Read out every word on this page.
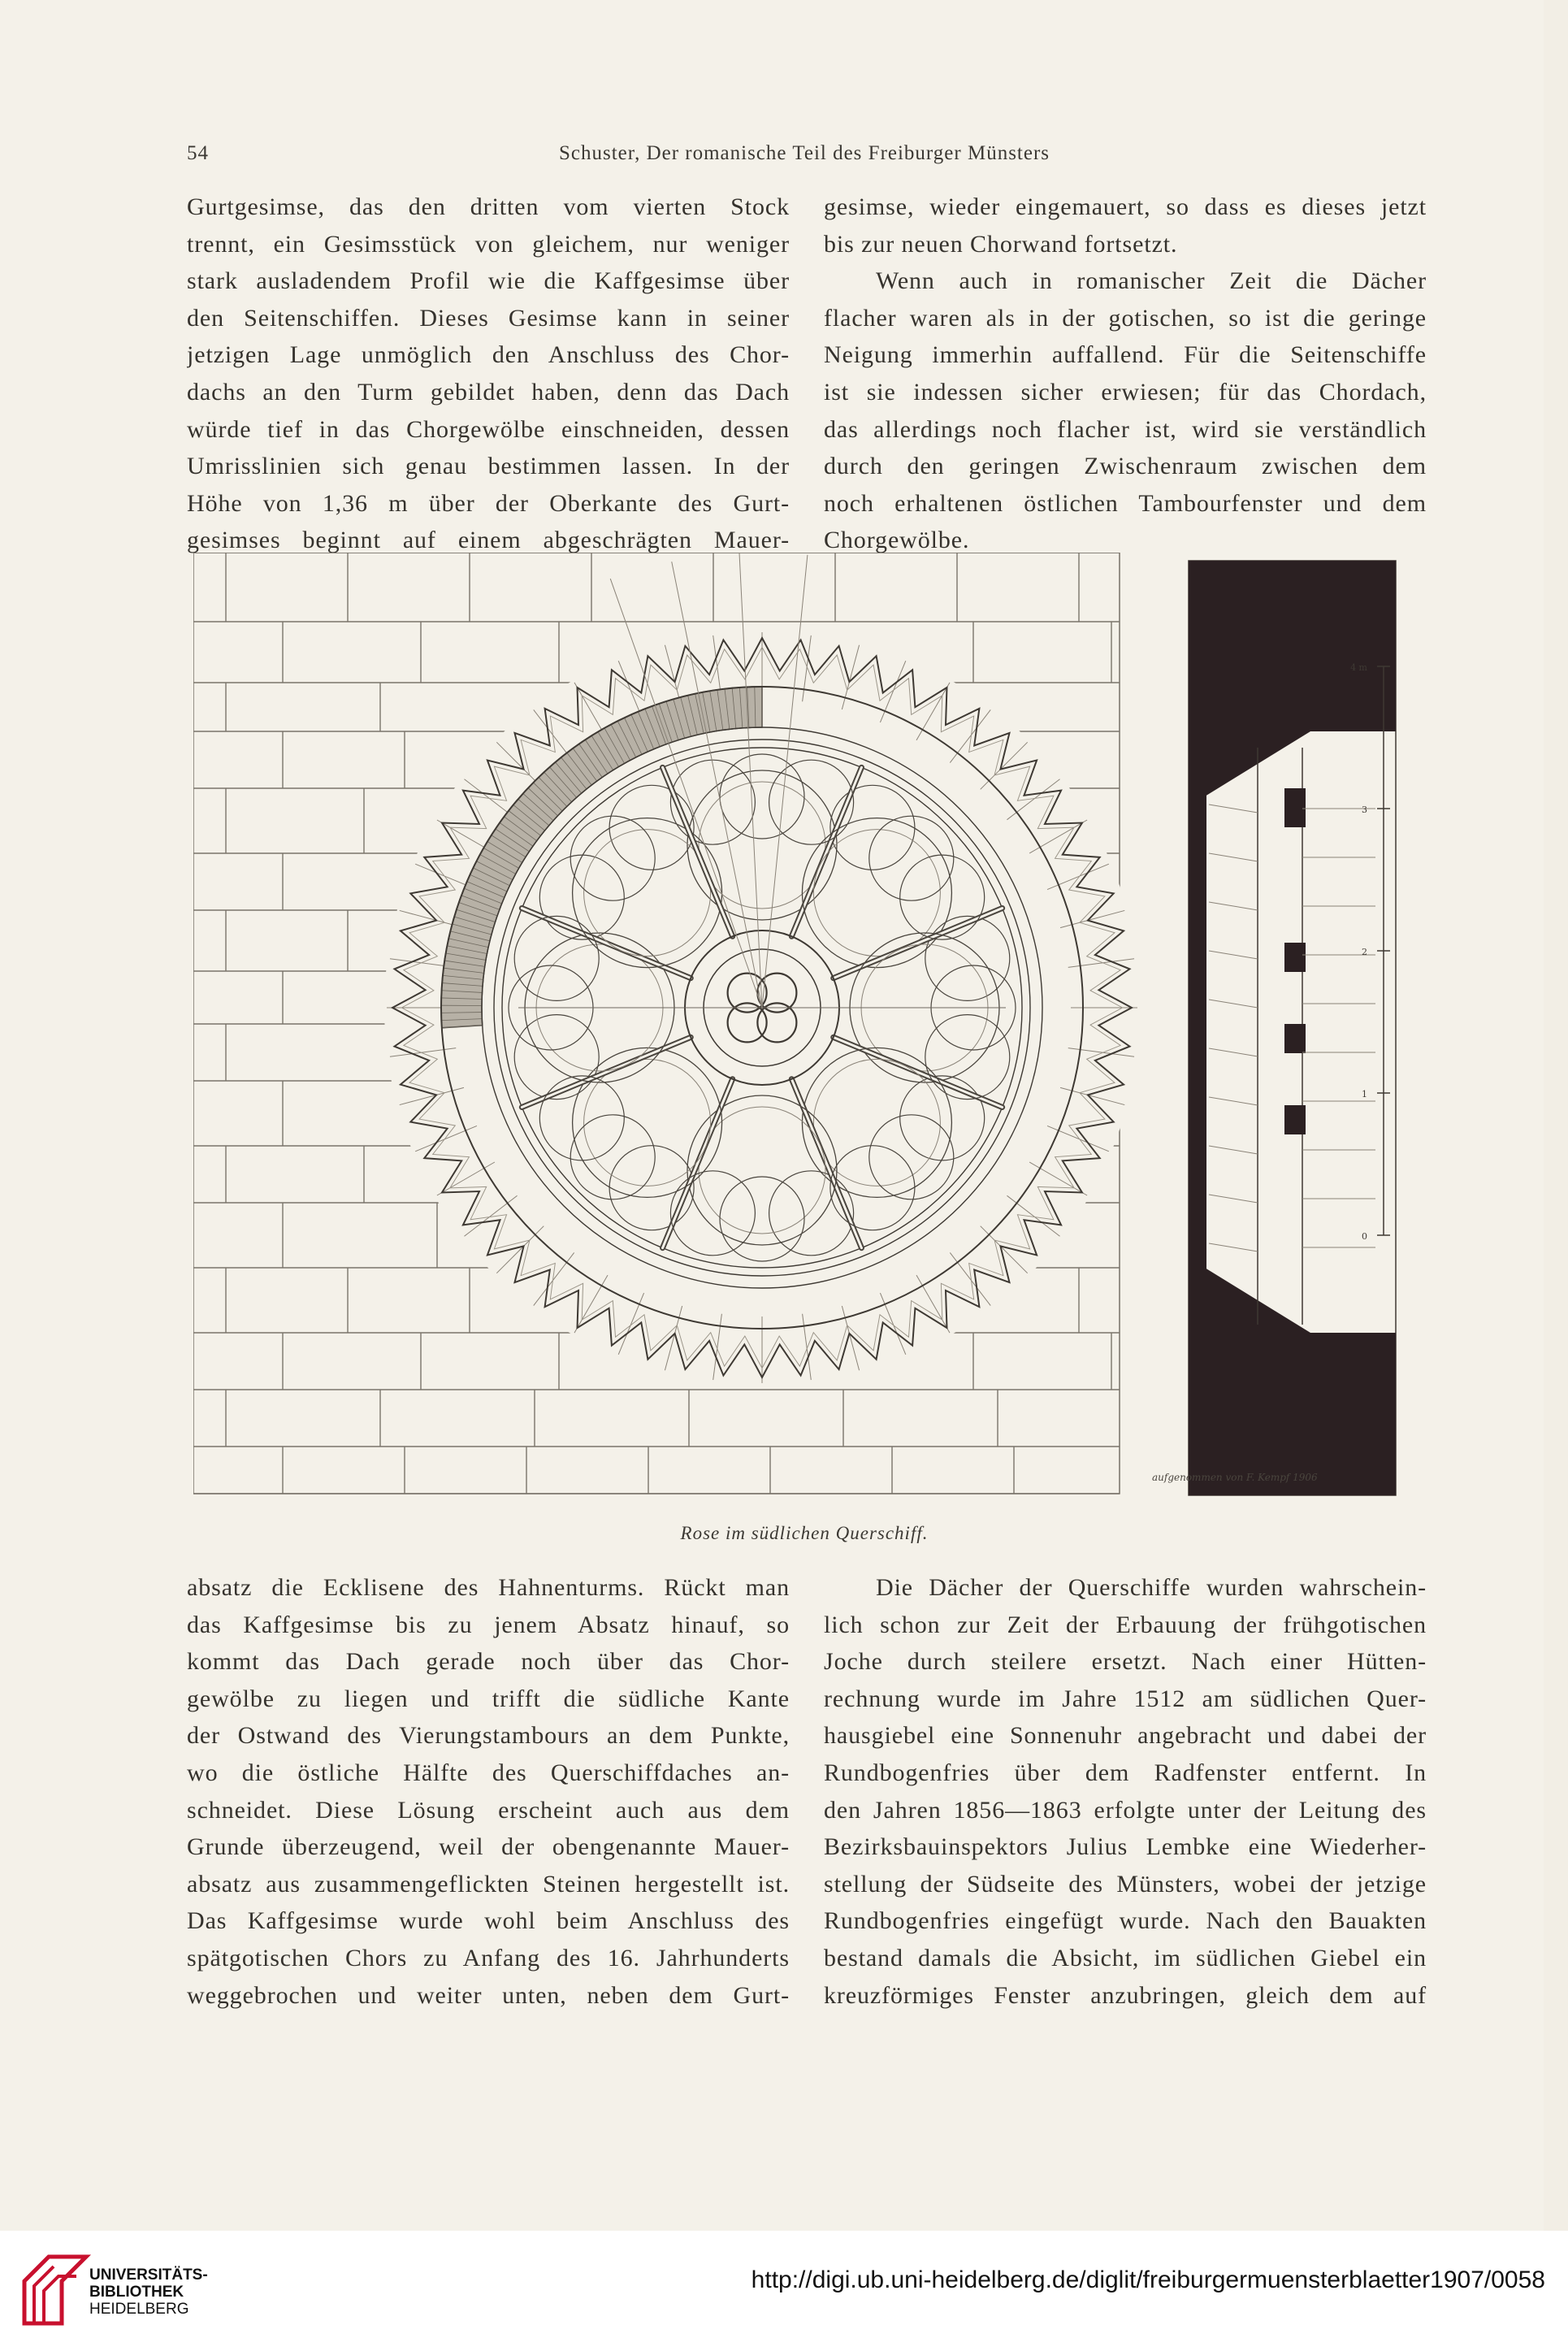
54	Schuster, Der romanische Teil des Freiburger Münsters
Gurtgesimse, das den dritten vom vierten Stock
trennt, ein Gesimsstück von gleichem, nur weniger
stark ausladendem Profil wie die Kaffgesimse über
den Seitenschiffen. Dieses Gesimse kann in seiner
jetzigen Lage unmöglich den Anschluss des Chor-
dachs an den Turm gebildet haben, denn das Dach
würde tief in das Chorgewölbe einschneiden, dessen
Umrisslinien sich genau bestimmen lassen. In der
Höhe von 1,36 m über der Oberkante des Gurt-
gesimses beginnt auf einem abgeschrägten Mauer-
gesimse, wieder eingemauert, so dass es dieses jetzt
bis zur neuen Chorwand fortsetzt.
Wenn auch in romanischer Zeit die Dächer
flacher waren als in der gotischen, so ist die geringe
Neigung immerhin auffallend. Für die Seitenschiffe
ist sie indessen sicher erwiesen; für das Chordach,
das allerdings noch flacher ist, wird sie verständlich
durch den geringen Zwischenraum zwischen dem
noch erhaltenen östlichen Tambourfenster und dem
Chorgewölbe.
4 m
3
2
1
0
aufgenommen von F. Kempf 1906
Rose im südlichen Querschiff.
absatz die Ecklisene des Hahnenturms. Rückt man
das Kaffgesimse bis zu jenem Absatz hinauf, so
kommt das Dach gerade noch über das Chor-
gewölbe zu liegen und trifft die südliche Kante
der Ostwand des Vierungstambours an dem Punkte,
wo die östliche Hälfte des Querschiffdaches an-
schneidet. Diese Lösung erscheint auch aus dem
Grunde überzeugend, weil der obengenannte Mauer-
absatz aus zusammengeflickten Steinen hergestellt ist.
Das Kaffgesimse wurde wohl beim Anschluss des
spätgotischen Chors zu Anfang des 16. Jahrhunderts
weggebrochen und weiter unten, neben dem Gurt-
Die Dächer der Querschiffe wurden wahrschein-
lich schon zur Zeit der Erbauung der frühgotischen
Joche durch steilere ersetzt. Nach einer Hütten-
rechnung wurde im Jahre 1512 am südlichen Quer-
hausgiebel eine Sonnenuhr angebracht und dabei der
Rundbogenfries über dem Radfenster entfernt. In
den Jahren 1856—1863 erfolgte unter der Leitung des
Bezirksbauinspektors Julius Lembke eine Wiederher-
stellung der Südseite des Münsters, wobei der jetzige
Rundbogenfries eingefügt wurde. Nach den Bauakten
bestand damals die Absicht, im südlichen Giebel ein
kreuzförmiges Fenster anzubringen, gleich dem auf
UNIVERSITÄTS-
BIBLIOTHEK
HEIDELBERG
http://digi.ub.uni-heidelberg.de/diglit/freiburgermuensterblaetter1907/0058
